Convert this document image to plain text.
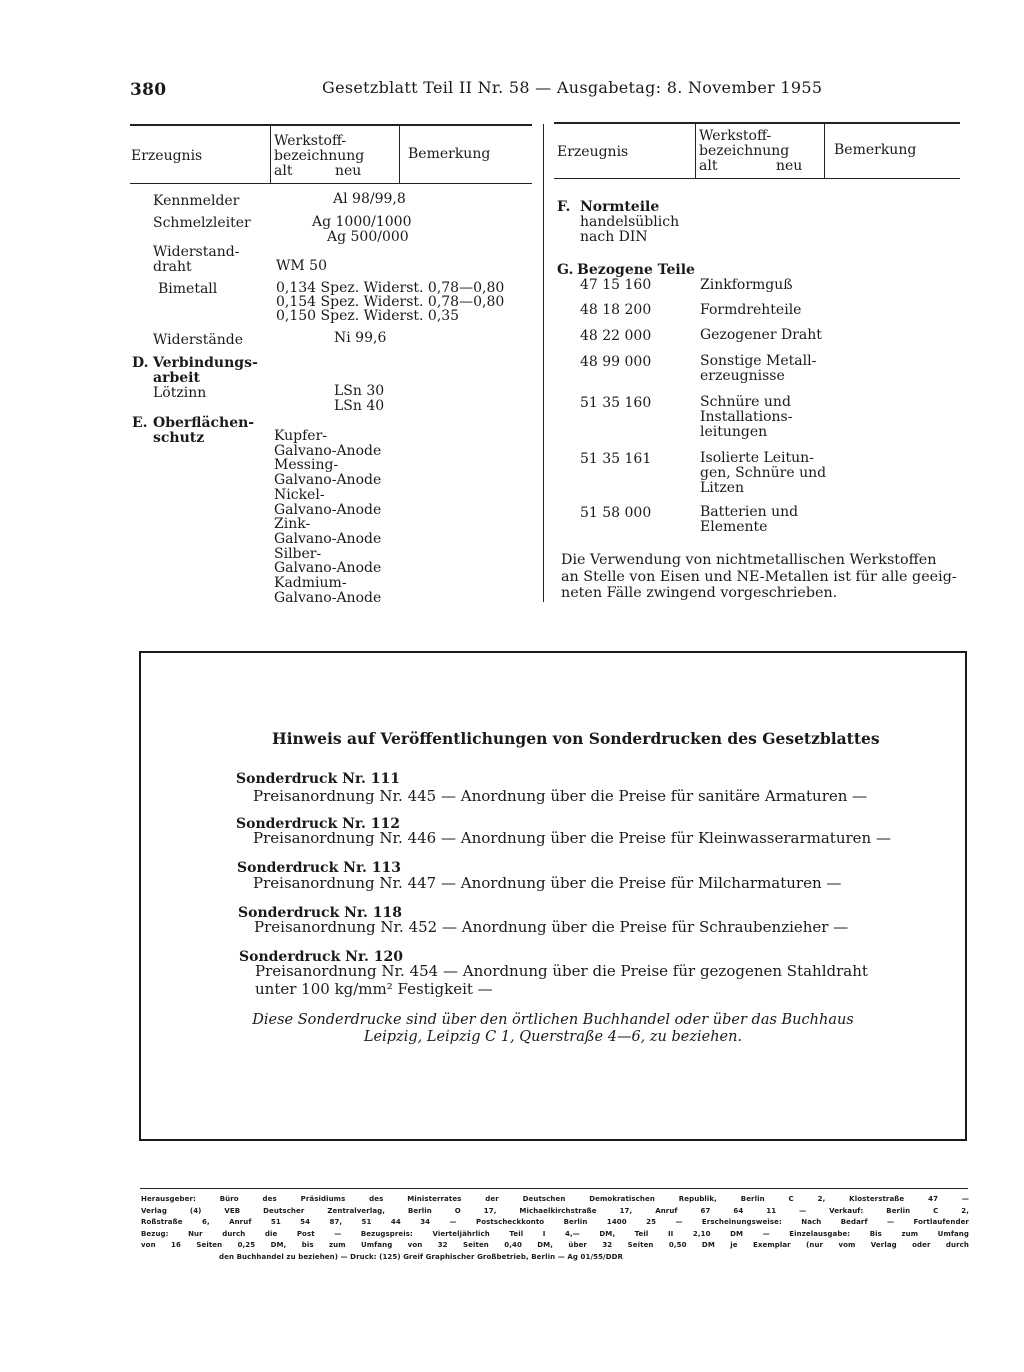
380	Gesetzblatt Teil II Nr. 58 — Ausgabetag: 8. November 1955
Erzeugnis
Werkstoff-
bezeichnung
alt	neu
Bemerkung
Kennmelder	Al 98/99,8
Schmelzleiter	Ag 1000/1000
Ag 500/000
Widerstand-
draht	WM 50
Bimetall	0,134 Spez. Widerst. 0,78—0,80
0,154 Spez. Widerst. 0,78—0,80
0,150 Spez. Widerst. 0,35
Widerstände	Ni 99,6
D. Verbindungs-
arbeit
Lötzinn	LSn 30
LSn 40
E. Oberflächen-
schutz	Kupfer-
Galvano-Anode
Messing-
Galvano-Anode
Nickel-
Galvano-Anode
Zink-
Galvano-Anode
Silber-
Galvano-Anode
Kadmium-
Galvano-Anode
Erzeugnis
Werkstoff-
bezeichnung
alt	neu
Bemerkung
F. Normteile
handelsüblich
nach DIN
G. Bezogene Teile
47 15 160	Zinkformguß
48 18 200	Formdrehteile
48 22 000	Gezogener Draht
48 99 000	Sonstige Metall-
erzeugnisse
51 35 160	Schnüre und
Installations-
leitungen
51 35 161	Isolierte Leitun-
gen, Schnüre und
Litzen
51 58 000	Batterien und
Elemente
Die Verwendung von nichtmetallischen Werkstoffen
an Stelle von Eisen und NE-Metallen ist für alle geeig-
neten Fälle zwingend vorgeschrieben.
Hinweis auf Veröffentlichungen von Sonderdrucken des Gesetzblattes
Sonderdruck Nr. 111
Preisanordnung Nr. 445 — Anordnung über die Preise für sanitäre Armaturen —
Sonderdruck Nr. 112
Preisanordnung Nr. 446 — Anordnung über die Preise für Kleinwasserarmaturen —
Sonderdruck Nr. 113
Preisanordnung Nr. 447 — Anordnung über die Preise für Milcharmaturen —
Sonderdruck Nr. 118
Preisanordnung Nr. 452 — Anordnung über die Preise für Schraubenzieher —
Sonderdruck Nr. 120
Preisanordnung Nr. 454 — Anordnung über die Preise für gezogenen Stahldraht
unter 100 kg/mm² Festigkeit —
Diese Sonderdrucke sind über den örtlichen Buchhandel oder über das Buchhaus
Leipzig, Leipzig C 1, Querstraße 4—6, zu beziehen.
Herausgeber: Büro des Präsidiums des Ministerrates der Deutschen Demokratischen Republik, Berlin C 2, Klosterstraße 47 —
Verlag (4) VEB Deutscher Zentralverlag, Berlin O 17, Michaelkirchstraße 17, Anruf 67 64 11 — Verkauf: Berlin C 2,
Roßstraße 6, Anruf 51 54 87, 51 44 34 — Postscheckkonto Berlin 1400 25 — Erscheinungsweise: Nach Bedarf — Fortlaufender
Bezug: Nur durch die Post — Bezugspreis: Vierteljährlich Teil I 4,— DM, Teil II 2,10 DM — Einzelausgabe: Bis zum Umfang
von 16 Seiten 0,25 DM, bis zum Umfang von 32 Seiten 0,40 DM, über 32 Seiten 0,50 DM je Exemplar (nur vom Verlag oder durch
den Buchhandel zu beziehen) — Druck: (125) Greif Graphischer Großbetrieb, Berlin — Ag 01/55/DDR
